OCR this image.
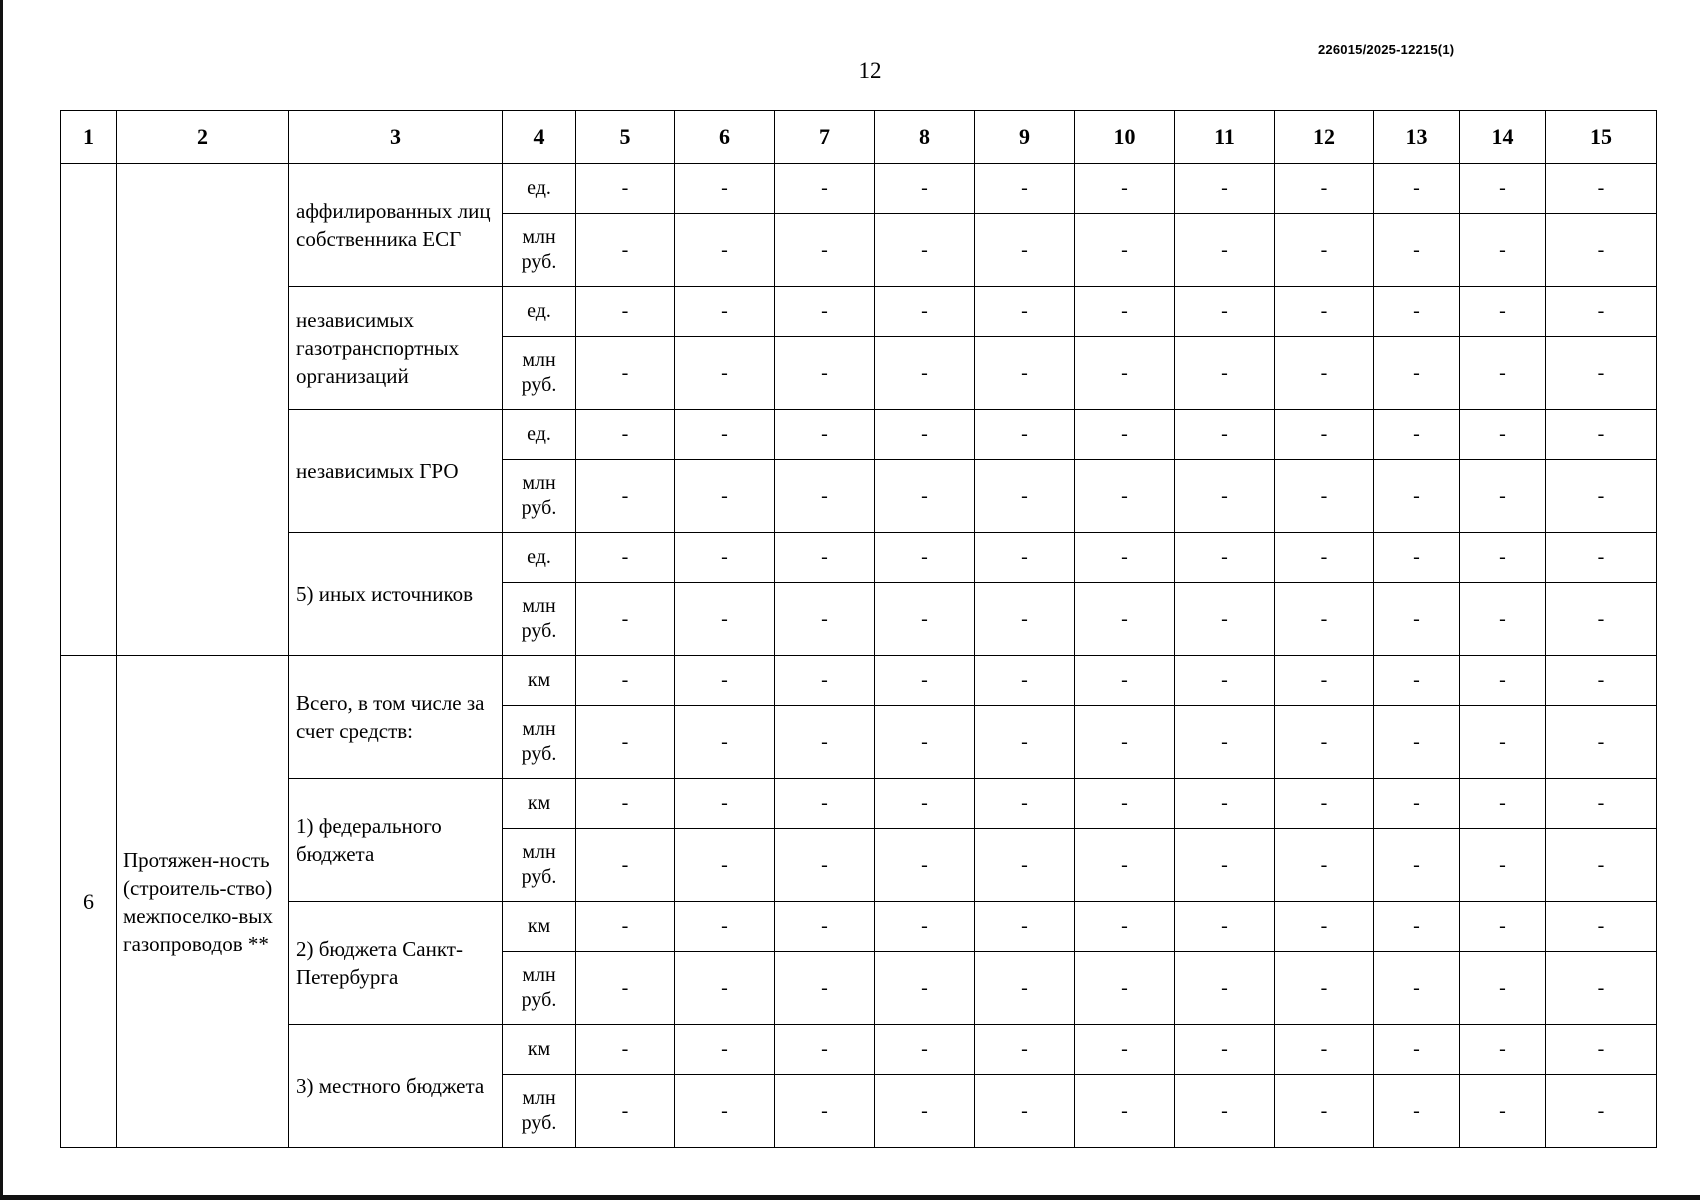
226015/2025-12215(1)
12
1	2	3	4	5	6	7	8	9	10	11	12	13	14	15
		аффилированных лиц собственника ЕСГ	ед.	-	-	-	-	-	-	-	-	-	-	-
			млн руб.	-	-	-	-	-	-	-	-	-	-	-
		независимых газотранспортных организаций	ед.	-	-	-	-	-	-	-	-	-	-	-
			млн руб.	-	-	-	-	-	-	-	-	-	-	-
		независимых ГРО	ед.	-	-	-	-	-	-	-	-	-	-	-
			млн руб.	-	-	-	-	-	-	-	-	-	-	-
		5) иных источников	ед.	-	-	-	-	-	-	-	-	-	-	-
			млн руб.	-	-	-	-	-	-	-	-	-	-	-
6	Протяжен-ность (строитель-ство) межпоселко-вых газопроводов **	Всего, в том числе за счет средств:	км	-	-	-	-	-	-	-	-	-	-	-
			млн руб.	-	-	-	-	-	-	-	-	-	-	-
		1) федерального бюджета	км	-	-	-	-	-	-	-	-	-	-	-
			млн руб.	-	-	-	-	-	-	-	-	-	-	-
		2) бюджета Санкт-Петербурга	км	-	-	-	-	-	-	-	-	-	-	-
			млн руб.	-	-	-	-	-	-	-	-	-	-	-
		3) местного бюджета	км	-	-	-	-	-	-	-	-	-	-	-
			млн руб.	-	-	-	-	-	-	-	-	-	-	-
